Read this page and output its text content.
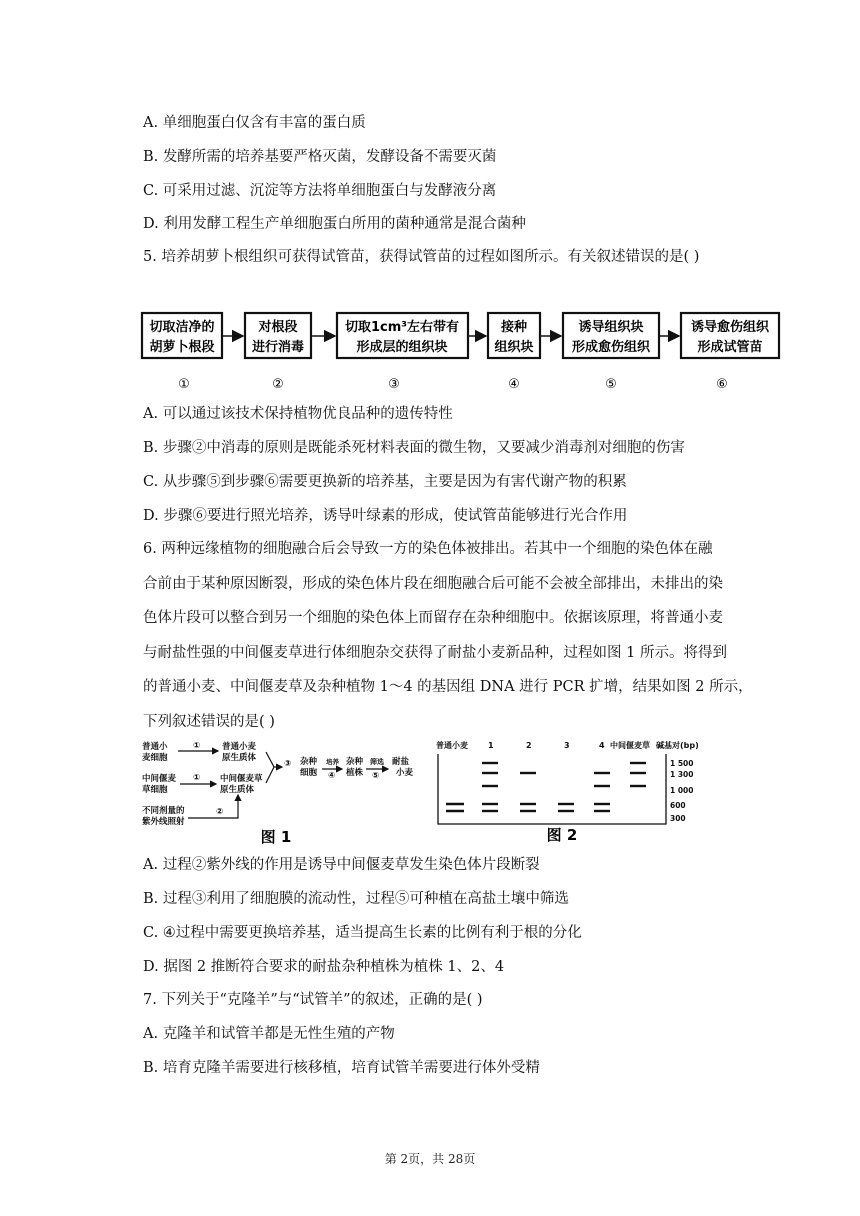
A. 单细胞蛋白仅含有丰富的蛋白质
B. 发酵所需的培养基要严格灭菌，发酵设备不需要灭菌
C. 可采用过滤、沉淀等方法将单细胞蛋白与发酵液分离
D. 利用发酵工程生产单细胞蛋白所用的菌种通常是混合菌种
5. 培养胡萝卜根组织可获得试管苗，获得试管苗的过程如图所示。有关叙述错误的是( )
切取洁净的
胡萝卜根段
①
对根段
进行消毒
②
切取1cm³左右带有
形成层的组织块
③
接种
组织块
④
诱导组织块
形成愈伤组织
⑤
诱导愈伤组织
形成试管苗
⑥
A. 可以通过该技术保持植物优良品种的遗传特性
B. 步骤②中消毒的原则是既能杀死材料表面的微生物，又要减少消毒剂对细胞的伤害
C. 从步骤⑤到步骤⑥需要更换新的培养基，主要是因为有害代谢产物的积累
D. 步骤⑥要进行照光培养，诱导叶绿素的形成，使试管苗能够进行光合作用
6. 两种远缘植物的细胞融合后会导致一方的染色体被排出。若其中一个细胞的染色体在融
合前由于某种原因断裂，形成的染色体片段在细胞融合后可能不会被全部排出，未排出的染
色体片段可以整合到另一个细胞的染色体上而留存在杂种细胞中。依据该原理，将普通小麦
与耐盐性强的中间偃麦草进行体细胞杂交获得了耐盐小麦新品种，过程如图 1 所示。将得到
的普通小麦、中间偃麦草及杂种植物 1～4 的基因组 DNA 进行 PCR 扩增，结果如图 2 所示，
下列叙述错误的是( )
普通小
麦细胞
①	普通小麦
原生质体
中间偃麦
草细胞
① 中间偃麦草
原生质体
不同剂量的
紫外线照射
②
③ 杂种
细胞
培养
④
杂种
植株
筛选
⑤
耐盐
小麦
图 1
普通小麦	1	2	3	4 中间偃麦草 碱基对(bp)
1 500
1 300
1 000
600
300
图 2
A. 过程②紫外线的作用是诱导中间偃麦草发生染色体片段断裂
B. 过程③利用了细胞膜的流动性，过程⑤可种植在高盐土壤中筛选
C. ④过程中需要更换培养基，适当提高生长素的比例有利于根的分化
D. 据图 2 推断符合要求的耐盐杂种植株为植株 1、2、4
7. 下列关于“克隆羊”与“试管羊”的叙述，正确的是( )
A. 克隆羊和试管羊都是无性生殖的产物
B. 培育克隆羊需要进行核移植，培育试管羊需要进行体外受精
第 2页，共 28页
